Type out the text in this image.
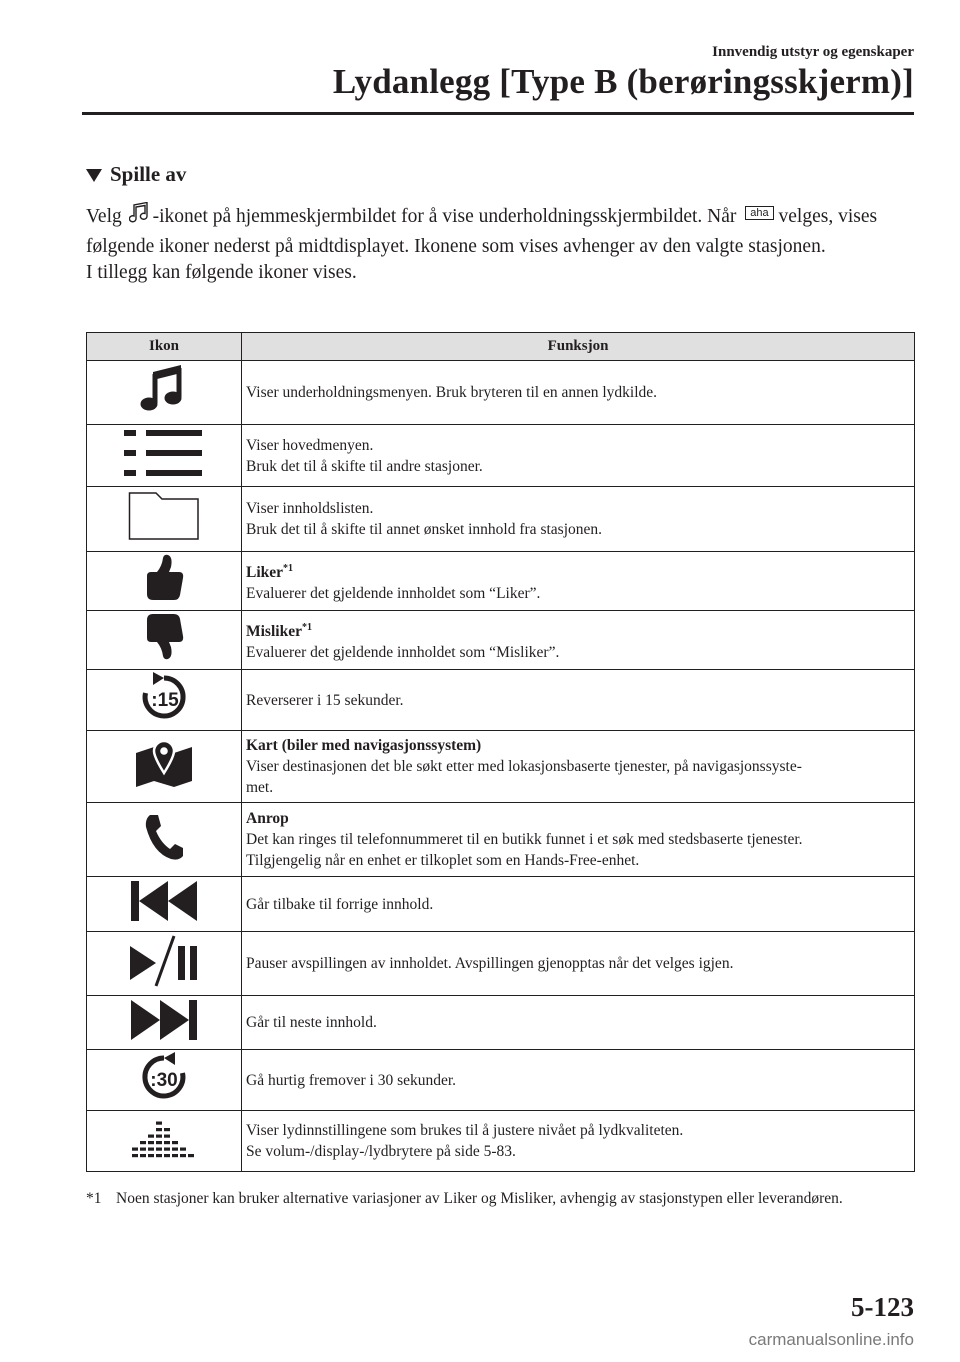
Innvendig utstyr og egenskaper
Lydanlegg [Type B (berøringsskjerm)]
Spille av
Velg -ikonet på hjemmeskjermbildet for å vise underholdningsskjermbildet. Når aha velges, vises følgende ikoner nederst på midtdisplayet. Ikonene som vises avhenger av den valgte stasjonen.
I tillegg kan følgende ikoner vises.
Ikon	Funksjon

Viser underholdningsmenyen. Bruk bryteren til en annen lydkilde.

Viser hovedmenyen.
Bruk det til å skifte til andre stasjoner.

Viser innholdslisten.
Bruk det til å skifte til annet ønsket innhold fra stasjonen.

Liker$^{*1}$
Evaluerer det gjeldende innholdet som “Liker”.

Misliker$^{*1}$
Evaluerer det gjeldende innholdet som “Misliker”.

:15	Reverserer i 15 sekunder.

Kart (biler med navigasjonssystem)
Viser destinasjonen det ble søkt etter med lokasjonsbaserte tjenester, på navigasjonssyste-
met.

Anrop
Det kan ringes til telefonnummeret til en butikk funnet i et søk med stedsbaserte tjenester.
Tilgjengelig når en enhet er tilkoplet som en Hands-Free-enhet.

Går tilbake til forrige innhold.

Pauser avspillingen av innholdet. Avspillingen gjenopptas når det velges igjen.

Går til neste innhold.

:30	Gå hurtig fremover i 30 sekunder.

Viser lydinnstillingene som brukes til å justere nivået på lydkvaliteten.
Se volum-/display-/lydbrytere på side 5-83.
*1 Noen stasjoner kan bruker alternative variasjoner av Liker og Misliker, avhengig av stasjonstypen eller leverandøren.
5-123
carmanualsonline.info
